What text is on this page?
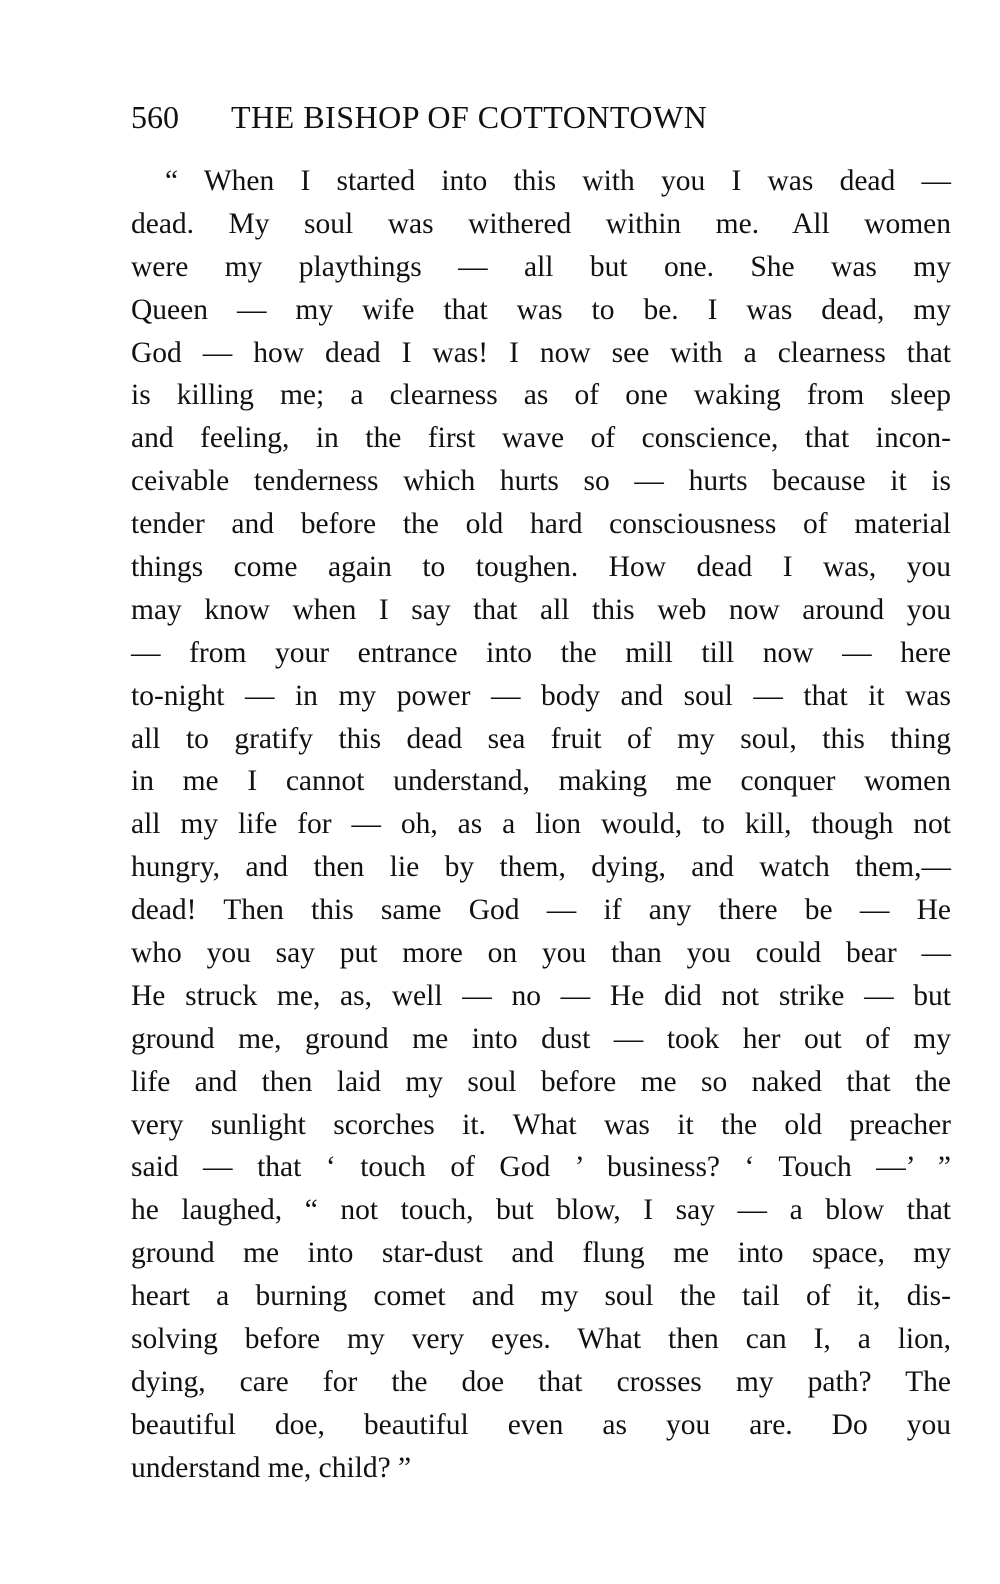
560 THE BISHOP OF COTTONTOWN
“ When I started into this with you I was dead —
dead. My soul was withered within me. All women
were my playthings — all but one. She was my
Queen — my wife that was to be. I was dead, my
God — how dead I was! I now see with a clearness that
is killing me; a clearness as of one waking from sleep
and feeling, in the first wave of conscience, that incon-
ceivable tenderness which hurts so — hurts because it is
tender and before the old hard consciousness of material
things come again to toughen. How dead I was, you
may know when I say that all this web now around you
— from your entrance into the mill till now — here
to-night — in my power — body and soul — that it was
all to gratify this dead sea fruit of my soul, this thing
in me I cannot understand, making me conquer women
all my life for — oh, as a lion would, to kill, though not
hungry, and then lie by them, dying, and watch them,—
dead! Then this same God — if any there be — He
who you say put more on you than you could bear —
He struck me, as, well — no — He did not strike — but
ground me, ground me into dust — took her out of my
life and then laid my soul before me so naked that the
very sunlight scorches it. What was it the old preacher
said — that ‘ touch of God ’ business? ‘ Touch —’ ”
he laughed, “ not touch, but blow, I say — a blow that
ground me into star-dust and flung me into space, my
heart a burning comet and my soul the tail of it, dis-
solving before my very eyes. What then can I, a lion,
dying, care for the doe that crosses my path? The
beautiful doe, beautiful even as you are. Do you
understand me, child? ”
